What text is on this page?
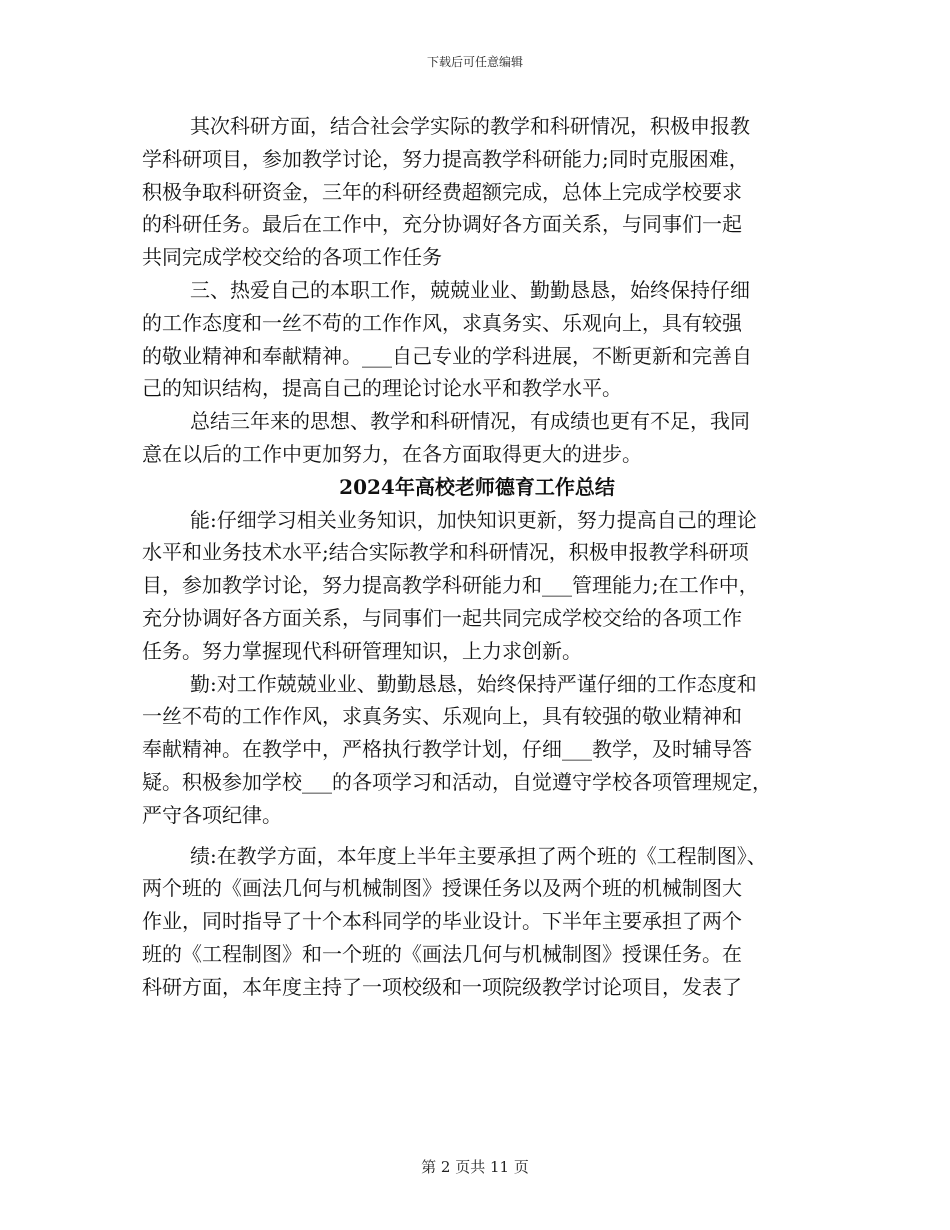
下载后可任意编辑
其次科研方面，结合社会学实际的教学和科研情况，积极申报教
学科研项目，参加教学讨论，努力提高教学科研能力;同时克服困难，
积极争取科研资金，三年的科研经费超额完成，总体上完成学校要求
的科研任务。最后在工作中，充分协调好各方面关系，与同事们一起
共同完成学校交给的各项工作任务
三、热爱自己的本职工作，兢兢业业、勤勤恳恳，始终保持仔细
的工作态度和一丝不苟的工作作风，求真务实、乐观向上，具有较强
的敬业精神和奉献精神。___自己专业的学科进展，不断更新和完善自
己的知识结构，提高自己的理论讨论水平和教学水平。
总结三年来的思想、教学和科研情况，有成绩也更有不足，我同
意在以后的工作中更加努力，在各方面取得更大的进步。
2024年高校老师德育工作总结
能:仔细学习相关业务知识，加快知识更新，努力提高自己的理论
水平和业务技术水平;结合实际教学和科研情况，积极申报教学科研项
目，参加教学讨论，努力提高教学科研能力和___管理能力;在工作中，
充分协调好各方面关系，与同事们一起共同完成学校交给的各项工作
任务。努力掌握现代科研管理知识，上力求创新。
勤:对工作兢兢业业、勤勤恳恳，始终保持严谨仔细的工作态度和
一丝不苟的工作作风，求真务实、乐观向上，具有较强的敬业精神和
奉献精神。在教学中，严格执行教学计划，仔细___教学，及时辅导答
疑。积极参加学校___的各项学习和活动，自觉遵守学校各项管理规定，
严守各项纪律。
绩:在教学方面，本年度上半年主要承担了两个班的《工程制图》、
两个班的《画法几何与机械制图》授课任务以及两个班的机械制图大
作业，同时指导了十个本科同学的毕业设计。下半年主要承担了两个
班的《工程制图》和一个班的《画法几何与机械制图》授课任务。在
科研方面，本年度主持了一项校级和一项院级教学讨论项目，发表了
第 2 页共 11 页
